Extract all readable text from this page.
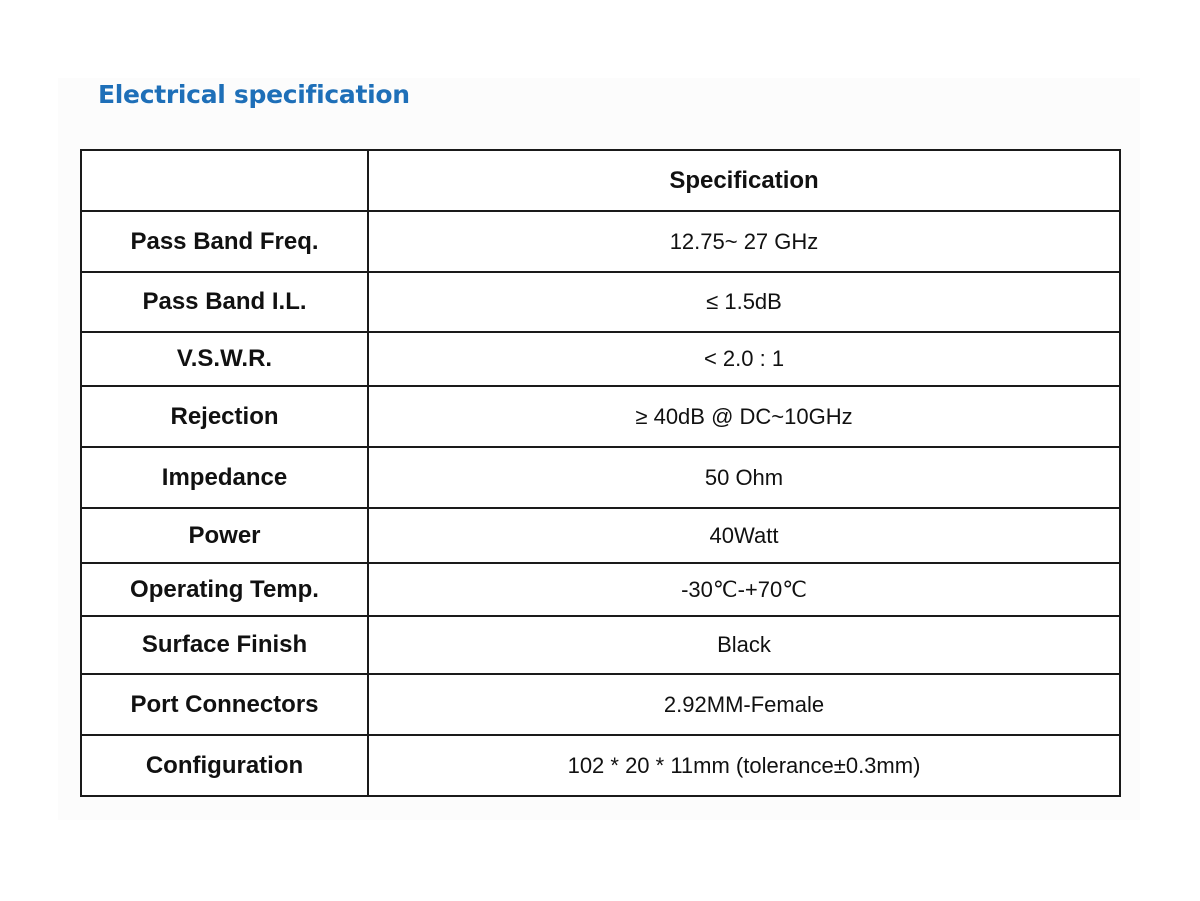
Electrical specification
	Specification
Pass Band Freq.	12.75~ 27 GHz
Pass Band I.L.	≤ 1.5dB
V.S.W.R.	< 2.0 : 1
Rejection	≥ 40dB @ DC~10GHz
Impedance	50 Ohm
Power	40Watt
Operating Temp.	-30℃-+70℃
Surface Finish	Black
Port Connectors	2.92MM-Female
Configuration	102 * 20 * 11mm (tolerance±0.3mm)
